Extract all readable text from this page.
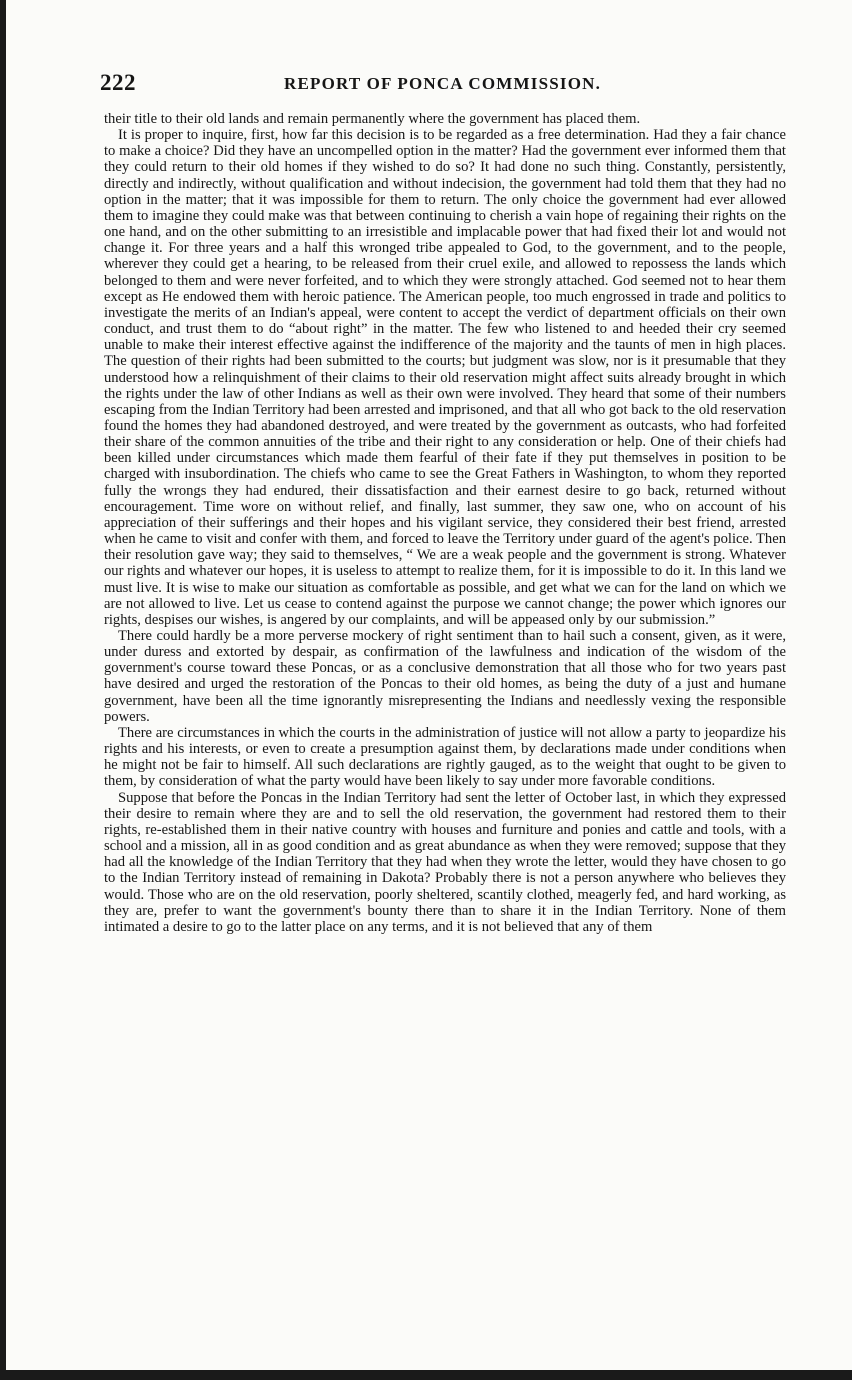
222	REPORT OF PONCA COMMISSION.

their title to their old lands and remain permanently where the government has placed them.

It is proper to inquire, first, how far this decision is to be regarded as a free determination. Had they a fair chance to make a choice? Did they have an uncompelled option in the matter? Had the government ever informed them that they could return to their old homes if they wished to do so? It had done no such thing. Constantly, persistently, directly and indirectly, without qualification and without indecision, the government had told them that they had no option in the matter; that it was impossible for them to return. The only choice the government had ever allowed them to imagine they could make was that between continuing to cherish a vain hope of regaining their rights on the one hand, and on the other submitting to an irresistible and implacable power that had fixed their lot and would not change it. For three years and a half this wronged tribe appealed to God, to the government, and to the people, wherever they could get a hearing, to be released from their cruel exile, and allowed to repossess the lands which belonged to them and were never forfeited, and to which they were strongly attached. God seemed not to hear them except as He endowed them with heroic patience. The American people, too much engrossed in trade and politics to investigate the merits of an Indian's appeal, were content to accept the verdict of department officials on their own conduct, and trust them to do “about right” in the matter. The few who listened to and heeded their cry seemed unable to make their interest effective against the indifference of the majority and the taunts of men in high places. The question of their rights had been submitted to the courts; but judgment was slow, nor is it presumable that they understood how a relinquishment of their claims to their old reservation might affect suits already brought in which the rights under the law of other Indians as well as their own were involved. They heard that some of their numbers escaping from the Indian Territory had been arrested and imprisoned, and that all who got back to the old reservation found the homes they had abandoned destroyed, and were treated by the government as outcasts, who had forfeited their share of the common annuities of the tribe and their right to any consideration or help. One of their chiefs had been killed under circumstances which made them fearful of their fate if they put themselves in position to be charged with insubordination. The chiefs who came to see the Great Fathers in Washington, to whom they reported fully the wrongs they had endured, their dissatisfaction and their earnest desire to go back, returned without encouragement. Time wore on without relief, and finally, last summer, they saw one, who on account of his appreciation of their sufferings and their hopes and his vigilant service, they considered their best friend, arrested when he came to visit and confer with them, and forced to leave the Territory under guard of the agent's police. Then their resolution gave way; they said to themselves, “ We are a weak people and the government is strong. Whatever our rights and whatever our hopes, it is useless to attempt to realize them, for it is impossible to do it. In this land we must live. It is wise to make our situation as comfortable as possible, and get what we can for the land on which we are not allowed to live. Let us cease to contend against the purpose we cannot change; the power which ignores our rights, despises our wishes, is angered by our complaints, and will be appeased only by our submission.”

There could hardly be a more perverse mockery of right sentiment than to hail such a consent, given, as it were, under duress and extorted by despair, as confirmation of the lawfulness and indication of the wisdom of the government's course toward these Poncas, or as a conclusive demonstration that all those who for two years past have desired and urged the restoration of the Poncas to their old homes, as being the duty of a just and humane government, have been all the time ignorantly misrepresenting the Indians and needlessly vexing the responsible powers.

There are circumstances in which the courts in the administration of justice will not allow a party to jeopardize his rights and his interests, or even to create a presumption against them, by declarations made under conditions when he might not be fair to himself. All such declarations are rightly gauged, as to the weight that ought to be given to them, by consideration of what the party would have been likely to say under more favorable conditions.

Suppose that before the Poncas in the Indian Territory had sent the letter of October last, in which they expressed their desire to remain where they are and to sell the old reservation, the government had restored them to their rights, re-established them in their native country with houses and furniture and ponies and cattle and tools, with a school and a mission, all in as good condition and as great abundance as when they were removed; suppose that they had all the knowledge of the Indian Territory that they had when they wrote the letter, would they have chosen to go to the Indian Territory instead of remaining in Dakota? Probably there is not a person anywhere who believes they would. Those who are on the old reservation, poorly sheltered, scantily clothed, meagerly fed, and hard working, as they are, prefer to want the government's bounty there than to share it in the Indian Territory. None of them intimated a desire to go to the latter place on any terms, and it is not believed that any of them
